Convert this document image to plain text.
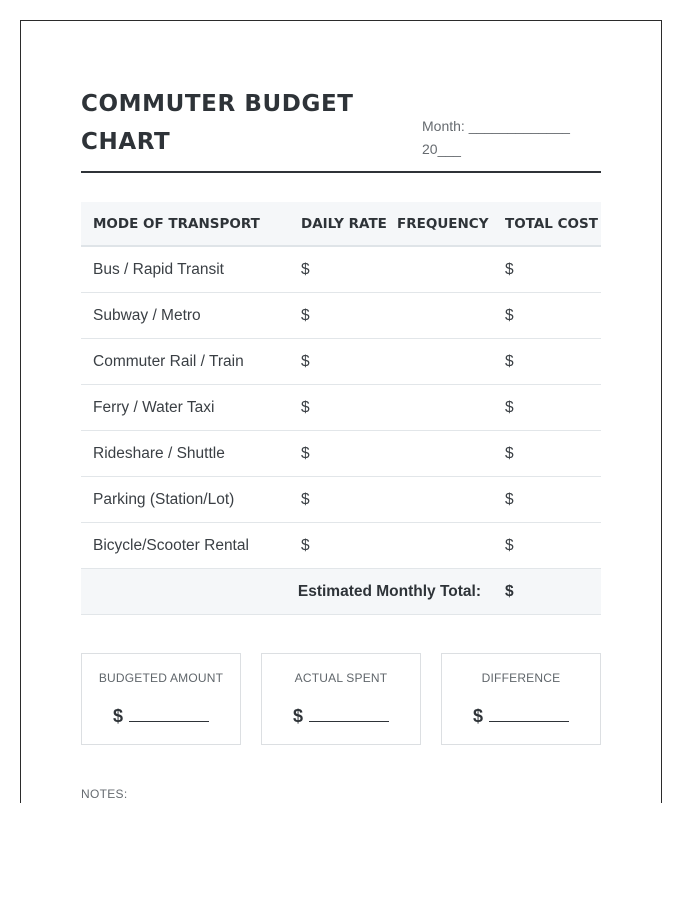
COMMUTER BUDGET CHART
Month: _____________
20___
MODE OF TRANSPORT	DAILY RATE	FREQUENCY	TOTAL COST
Bus / Rapid Transit	$		$
Subway / Metro	$		$
Commuter Rail / Train	$		$
Ferry / Water Taxi	$		$
Rideshare / Shuttle	$		$
Parking (Station/Lot)	$		$
Bicycle/Scooter Rental	$		$
Estimated Monthly Total:			$
BUDGETED AMOUNT
$
ACTUAL SPENT
$
DIFFERENCE
$
NOTES:
